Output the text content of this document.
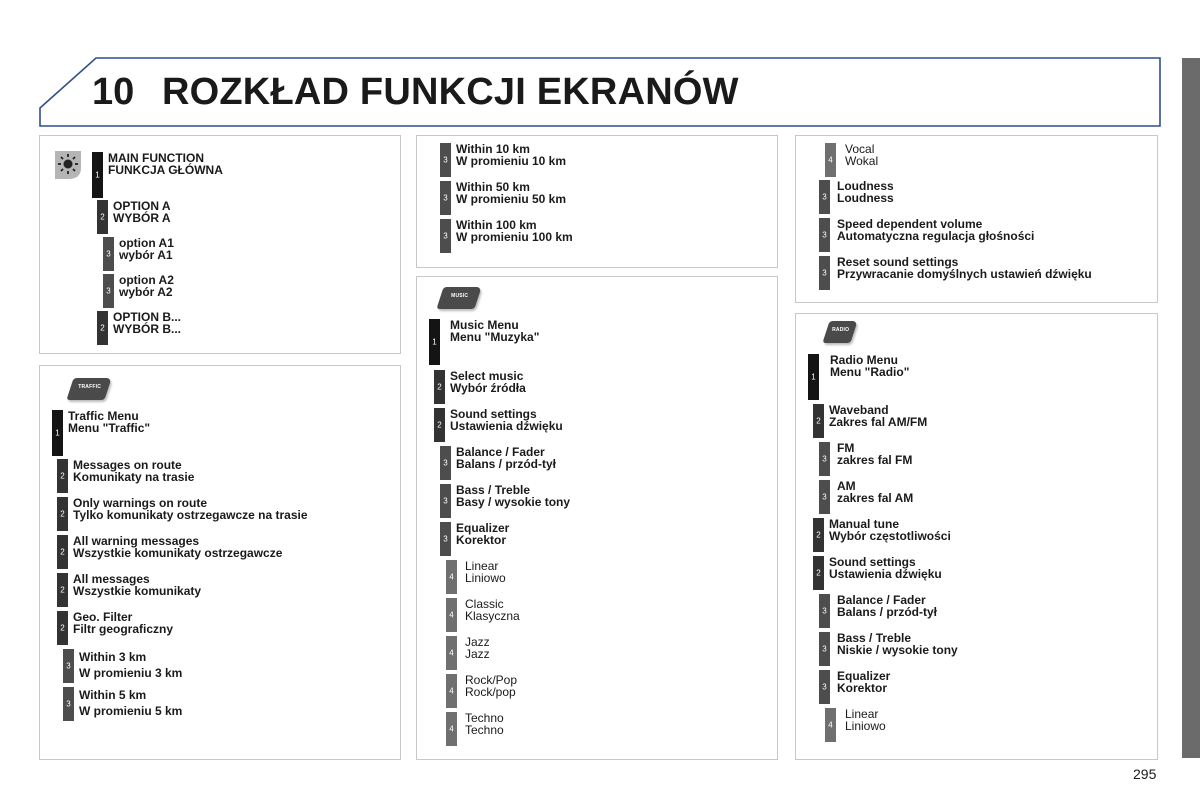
10 ROZKŁAD FUNKCJI EKRANÓW
TRAFFIC
MUSIC
RADIO
295
1
MAIN FUNCTION
FUNKCJA GŁÓWNA
2
OPTION A
WYBÓR A
3
option A1
wybór A1
3
option A2
wybór A2
2
OPTION B...
WYBÓR B...
1
Traffic Menu
Menu "Traffic"
2
Messages on route
Komunikaty na trasie
2
Only warnings on route
Tylko komunikaty ostrzegawcze na trasie
2
All warning messages
Wszystkie komunikaty ostrzegawcze
2
All messages
Wszystkie komunikaty
2
Geo. Filter
Filtr geograficzny
3
Within 3 km
W promieniu 3 km
3
Within 5 km
W promieniu 5 km
3
Within 10 km
W promieniu 10 km
3
Within 50 km
W promieniu 50 km
3
Within 100 km
W promieniu 100 km
1
Music Menu
Menu "Muzyka"
2
Select music
Wybór źródła
2
Sound settings
Ustawienia dźwięku
3
Balance / Fader
Balans / przód-tył
3
Bass / Treble
Basy / wysokie tony
3
Equalizer
Korektor
4
Linear
Liniowo
4
Classic
Klasyczna
4
Jazz
Jazz
4
Rock/Pop
Rock/pop
4
Techno
Techno
4
Vocal
Wokal
3
Loudness
Loudness
3
Speed dependent volume
Automatyczna regulacja głośności
3
Reset sound settings
Przywracanie domyślnych ustawień dźwięku
1
Radio Menu
Menu "Radio"
2
Waveband
Zakres fal AM/FM
3
FM
zakres fal FM
3
AM
zakres fal AM
2
Manual tune
Wybór częstotliwości
2
Sound settings
Ustawienia dźwięku
3
Balance / Fader
Balans / przód-tył
3
Bass / Treble
Niskie / wysokie tony
3
Equalizer
Korektor
4
Linear
Liniowo
